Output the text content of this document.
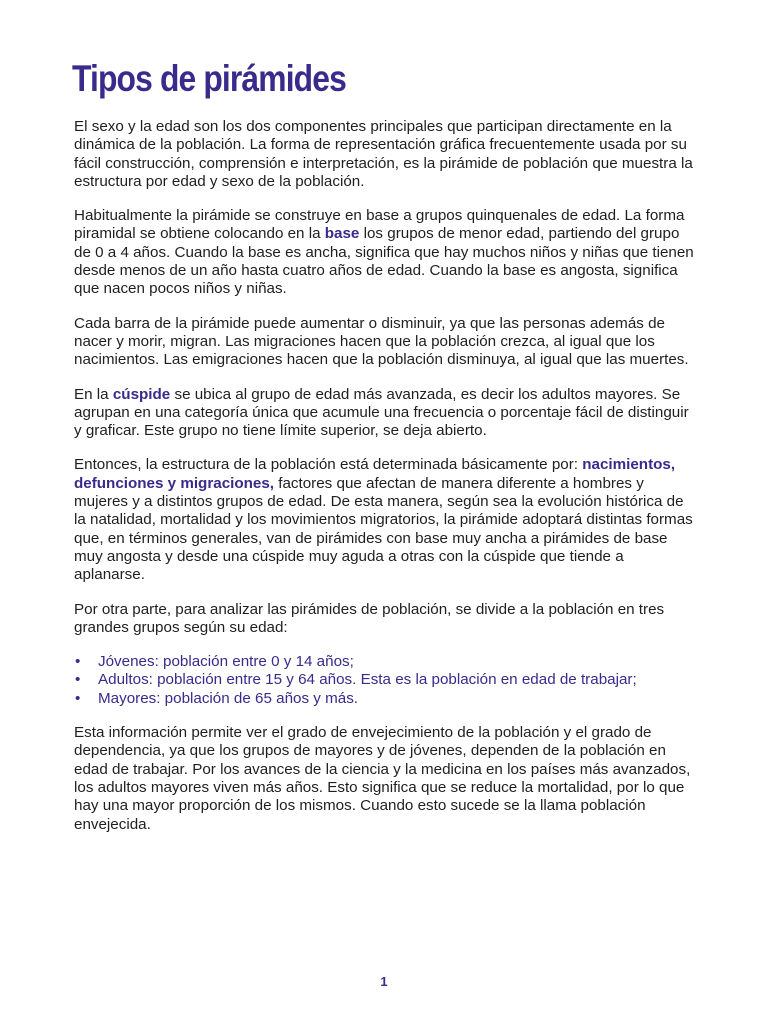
Tipos de pirámides

El sexo y la edad son los dos componentes principales que participan directamente en la dinámica de la población. La forma de representación gráfica frecuentemente usada por su fácil construcción, comprensión e interpretación, es la pirámide de población que muestra la estructura por edad y sexo de la población.

Habitualmente la pirámide se construye en base a grupos quinquenales de edad. La forma piramidal se obtiene colocando en la base los grupos de menor edad, partiendo del grupo de 0 a 4 años. Cuando la base es ancha, significa que hay muchos niños y niñas que tienen desde menos de un año hasta cuatro años de edad. Cuando la base es angosta, significa que nacen pocos niños y niñas.

Cada barra de la pirámide puede aumentar o disminuir, ya que las personas además de nacer y morir, migran. Las migraciones hacen que la población crezca, al igual que los nacimientos. Las emigraciones hacen que la población disminuya, al igual que las muertes.

En la cúspide se ubica al grupo de edad más avanzada, es decir los adultos mayores. Se agrupan en una categoría única que acumule una frecuencia o porcentaje fácil de distinguir y graficar. Este grupo no tiene límite superior, se deja abierto.

Entonces, la estructura de la población está determinada básicamente por: nacimientos, defunciones y migraciones, factores que afectan de manera diferente a hombres y mujeres y a distintos grupos de edad. De esta manera, según sea la evolución histórica de la natalidad, mortalidad y los movimientos migratorios, la pirámide adoptará distintas formas que, en términos generales, van de pirámides con base muy ancha a pirámides de base muy angosta y desde una cúspide muy aguda a otras con la cúspide que tiende a aplanarse.

Por otra parte, para analizar las pirámides de población, se divide a la población en tres grandes grupos según su edad:

• Jóvenes: población entre 0 y 14 años;
• Adultos: población entre 15 y 64 años. Esta es la población en edad de trabajar;
• Mayores: población de 65 años y más.

Esta información permite ver el grado de envejecimiento de la población y el grado de dependencia, ya que los grupos de mayores y de jóvenes, dependen de la población en edad de trabajar. Por los avances de la ciencia y la medicina en los países más avanzados, los adultos mayores viven más años. Esto significa que se reduce la mortalidad, por lo que hay una mayor proporción de los mismos. Cuando esto sucede se la llama población envejecida.

1
